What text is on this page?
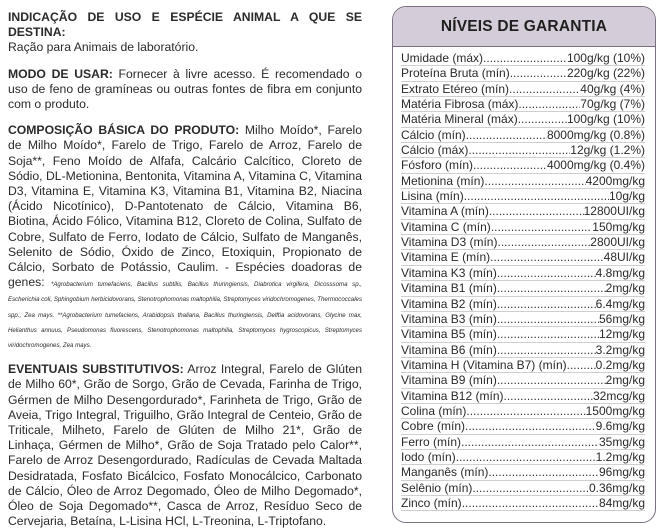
INDICAÇÃO DE USO E ESPÉCIE ANIMAL A QUE SE DESTINA:
Ração para Animais de laboratório.

MODO DE USAR: Fornecer à livre acesso. É recomendado o uso de feno de gramíneas ou outras fontes de fibra em conjunto com o produto.

COMPOSIÇÃO BÁSICA DO PRODUTO: Milho Moído*, Farelo de Milho Moído*, Farelo de Trigo, Farelo de Arroz, Farelo de Soja**, Feno Moído de Alfafa, Calcário Calcítico, Cloreto de Sódio, DL-Metionina, Bentonita, Vitamina A, Vitamina C, Vitamina D3, Vitamina E, Vitamina K3, Vitamina B1, Vitamina B2, Niacina (Ácido Nicotínico), D-Pantotenato de Cálcio, Vitamina B6, Biotina, Ácido Fólico, Vitamina B12, Cloreto de Colina, Sulfato de Cobre, Sulfato de Ferro, Iodato de Cálcio, Sulfato de Manganês, Selenito de Sódio, Óxido de Zinco, Etoxiquin, Propionato de Cálcio, Sorbato de Potássio, Caulim. - Espécies doadoras de genes: *Agrobacterium tumefaciens, Bacillus subtilis, Bacillus thuringiensis, Diabrotica virgifera, Dicosssoma sp., Escherichia coli, Sphingobium herbicidovorans, Stenotrophomonas maltophilia, Streptomyces viridochromogenes, Thermococcales spp., Zea mays. **Agrobacterium tumefaciens, Arabidopsis thaliana, Bacillus thuringiensis, Delftia acidovorans, Glycine max, Helianthus annuus, Pseudomonas fluorescens, Stenotrophomonas maltophilia, Streptomyces hygroscopicus, Streptomyces viridochromogenes, Zea mays.

EVENTUAIS SUBSTITUTIVOS: Arroz Integral, Farelo de Glúten de Milho 60*, Grão de Sorgo, Grão de Cevada, Farinha de Trigo, Gérmen de Milho Desengordurado*, Farinheta de Trigo, Grão de Aveia, Trigo Integral, Triguilho, Grão Integral de Centeio, Grão de Triticale, Milheto, Farelo de Glúten de Milho 21*, Grão de Linhaça, Gérmen de Milho*, Grão de Soja Tratado pelo Calor**, Farelo de Arroz Desengordurado, Radículas de Cevada Maltada Desidratada, Fosfato Bicálcico, Fosfato Monocálcico, Carbonato de Cálcio, Óleo de Arroz Degomado, Óleo de Milho Degomado*, Óleo de Soja Degomado**, Casca de Arroz, Resíduo Seco de Cervejaria, Betaína, L-Lisina HCl, L-Treonina, L-Triptofano.

NÍVEIS DE GARANTIA
Umidade (máx) .....	100g/kg (10%)
Proteína Bruta (mín) .....	220g/kg (22%)
Extrato Etéreo (mín) .....	40g/kg (4%)
Matéria Fibrosa (máx) .....	70g/kg (7%)
Matéria Mineral (máx) .....	100g/kg (10%)
Cálcio (mín) .....	8000mg/kg (0.8%)
Cálcio (máx) .....	12g/kg (1.2%)
Fósforo (mín) .....	4000mg/kg (0.4%)
Metionina (mín) .....	4200mg/kg
Lisina (mín) .....	10g/kg
Vitamina A (mín) .....	12800UI/kg
Vitamina C (mín) .....	150mg/kg
Vitamina D3 (mín) .....	2800UI/kg
Vitamina E (mín) .....	48UI/kg
Vitamina K3 (mín) .....	4.8mg/kg
Vitamina B1 (mín) .....	2mg/kg
Vitamina B2 (mín) .....	6.4mg/kg
Vitamina B3 (mín) .....	56mg/kg
Vitamina B5 (mín) .....	12mg/kg
Vitamina B6 (mín) .....	3.2mg/kg
Vitamina H (Vitamina B7) (mín) ..... 0.2mg/kg
Vitamina B9 (mín) .....	2mg/kg
Vitamina B12 (mín) .....	32mcg/kg
Colina (mín) .....	1500mg/kg
Cobre (mín) .....	9.6mg/kg
Ferro (mín) .....	35mg/kg
Iodo (mín) .....	1.2mg/kg
Manganês (mín) .....	96mg/kg
Selênio (mín) .....	0.36mg/kg
Zinco (mín) .....	84mg/kg
